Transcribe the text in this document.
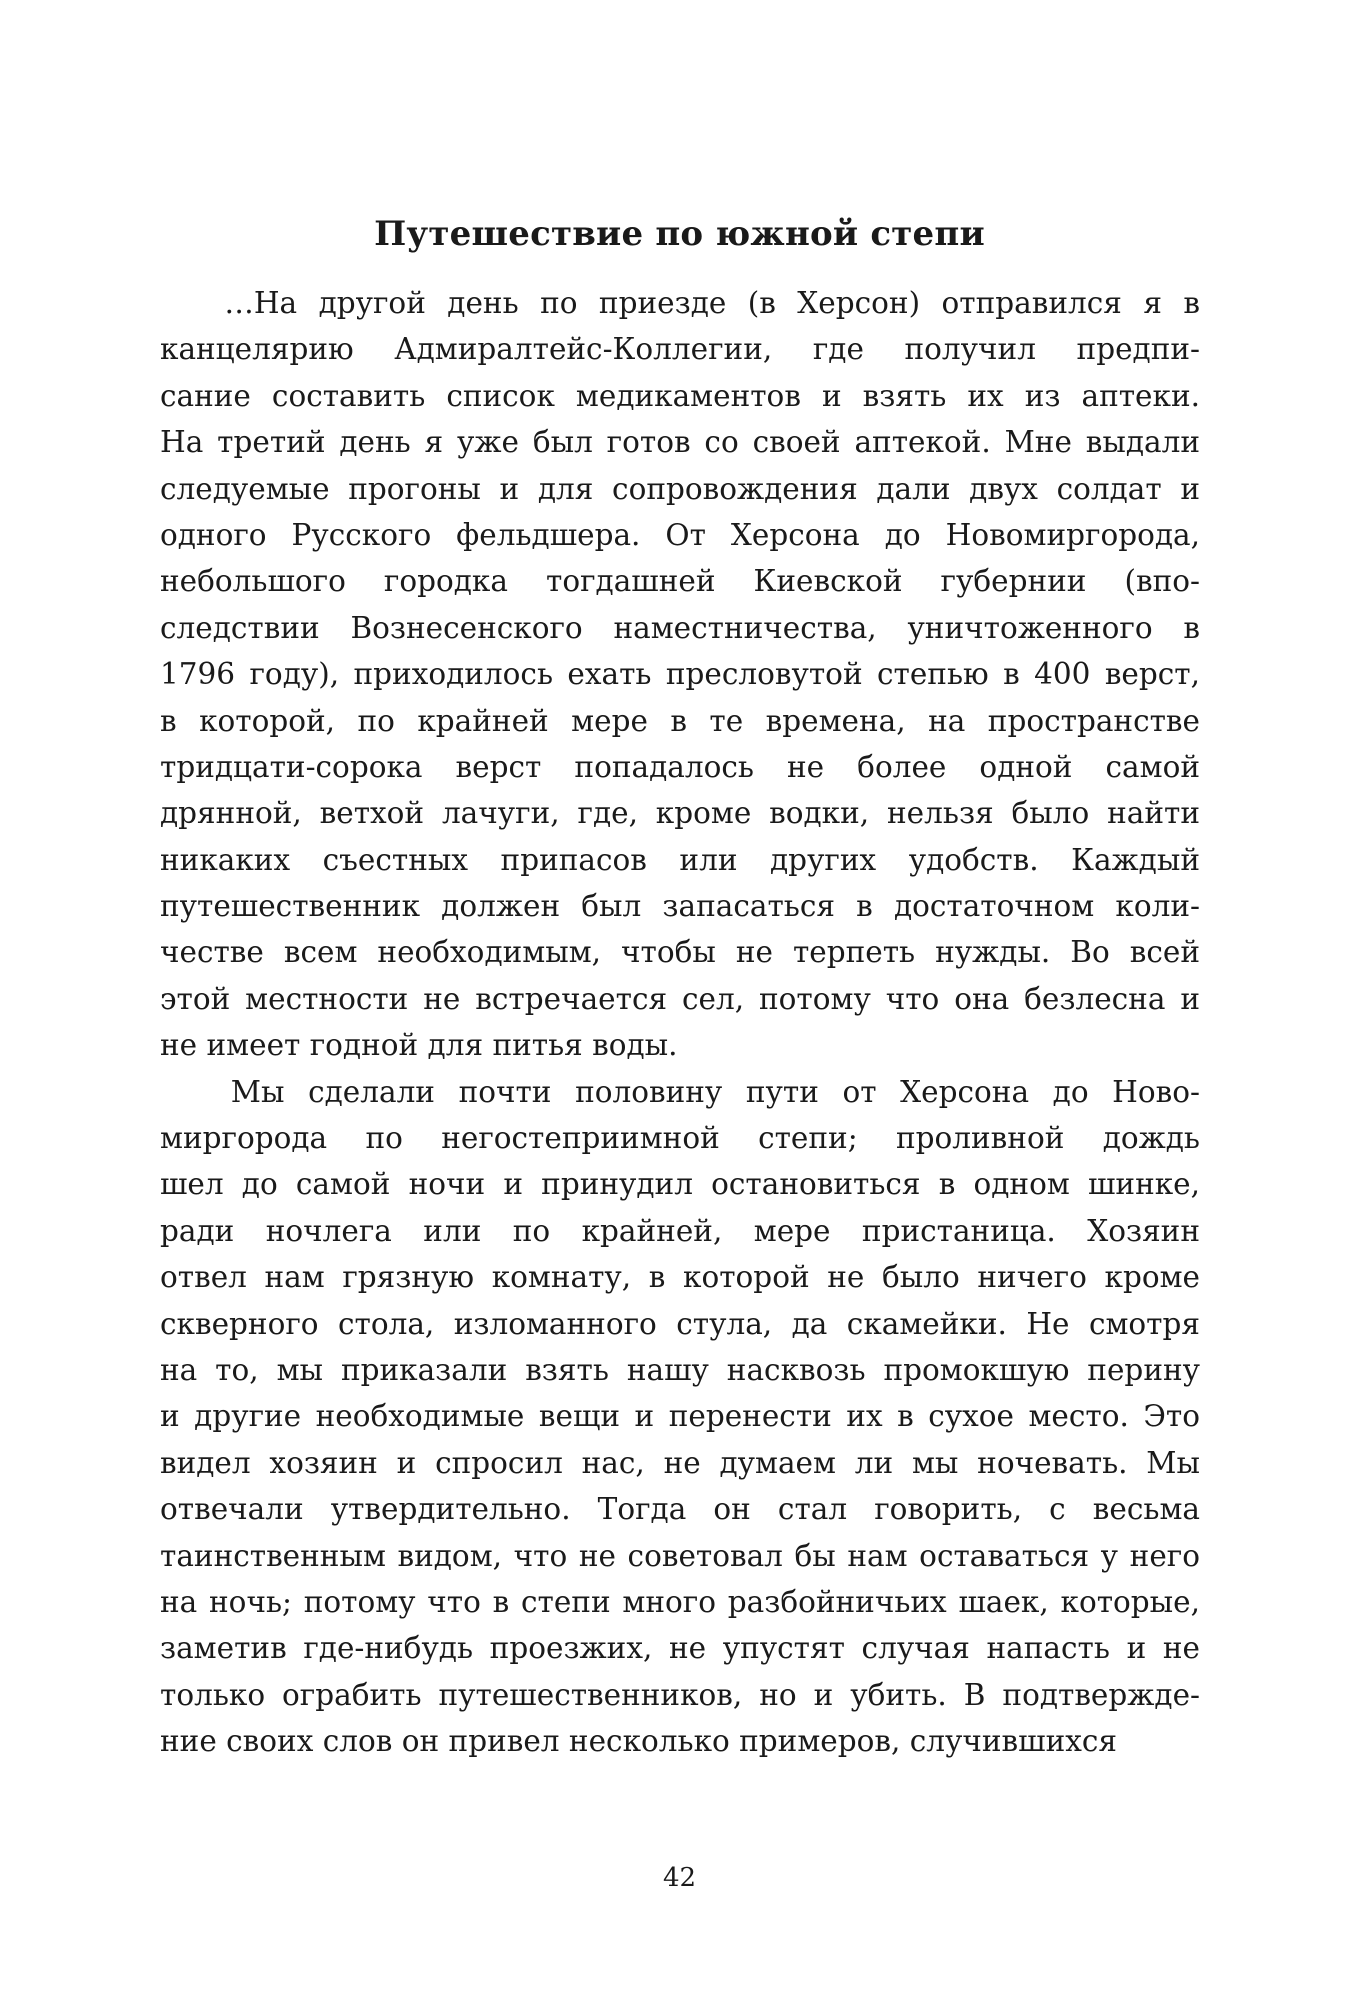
Путешествие по южной степи
…На другой день по приезде (в Херсон) отправился я в
канцелярию Адмиралтейс-Коллегии, где получил предпи-
сание составить список медикаментов и взять их из аптеки.
На третий день я уже был готов со своей аптекой. Мне выдали
следуемые прогоны и для сопровождения дали двух солдат и
одного Русского фельдшера. От Херсона до Новомиргорода,
небольшого городка тогдашней Киевской губернии (впо-
следствии Вознесенского наместничества, уничтоженного в
1796 году), приходилось ехать пресловутой степью в 400 верст,
в которой, по крайней мере в те времена, на пространстве
тридцати-сорока верст попадалось не более одной самой
дрянной, ветхой лачуги, где, кроме водки, нельзя было найти
никаких съестных припасов или других удобств. Каждый
путешественник должен был запасаться в достаточном коли-
честве всем необходимым, чтобы не терпеть нужды. Во всей
этой местности не встречается сел, потому что она безлесна и
не имеет годной для питья воды.
Мы сделали почти половину пути от Херсона до Ново-
миргорода по негостеприимной степи; проливной дождь
шел до самой ночи и принудил остановиться в одном шинке,
ради ночлега или по крайней, мере пристаница. Хозяин
отвел нам грязную комнату, в которой не было ничего кроме
скверного стола, изломанного стула, да скамейки. Не смотря
на то, мы приказали взять нашу насквозь промокшую перину
и другие необходимые вещи и перенести их в сухое место. Это
видел хозяин и спросил нас, не думаем ли мы ночевать. Мы
отвечали утвердительно. Тогда он стал говорить, с весьма
таинственным видом, что не советовал бы нам оставаться у него
на ночь; потому что в степи много разбойничьих шаек, которые,
заметив где-нибудь проезжих, не упустят случая напасть и не
только ограбить путешественников, но и убить. В подтвержде-
ние своих слов он привел несколько примеров, случившихся
42
